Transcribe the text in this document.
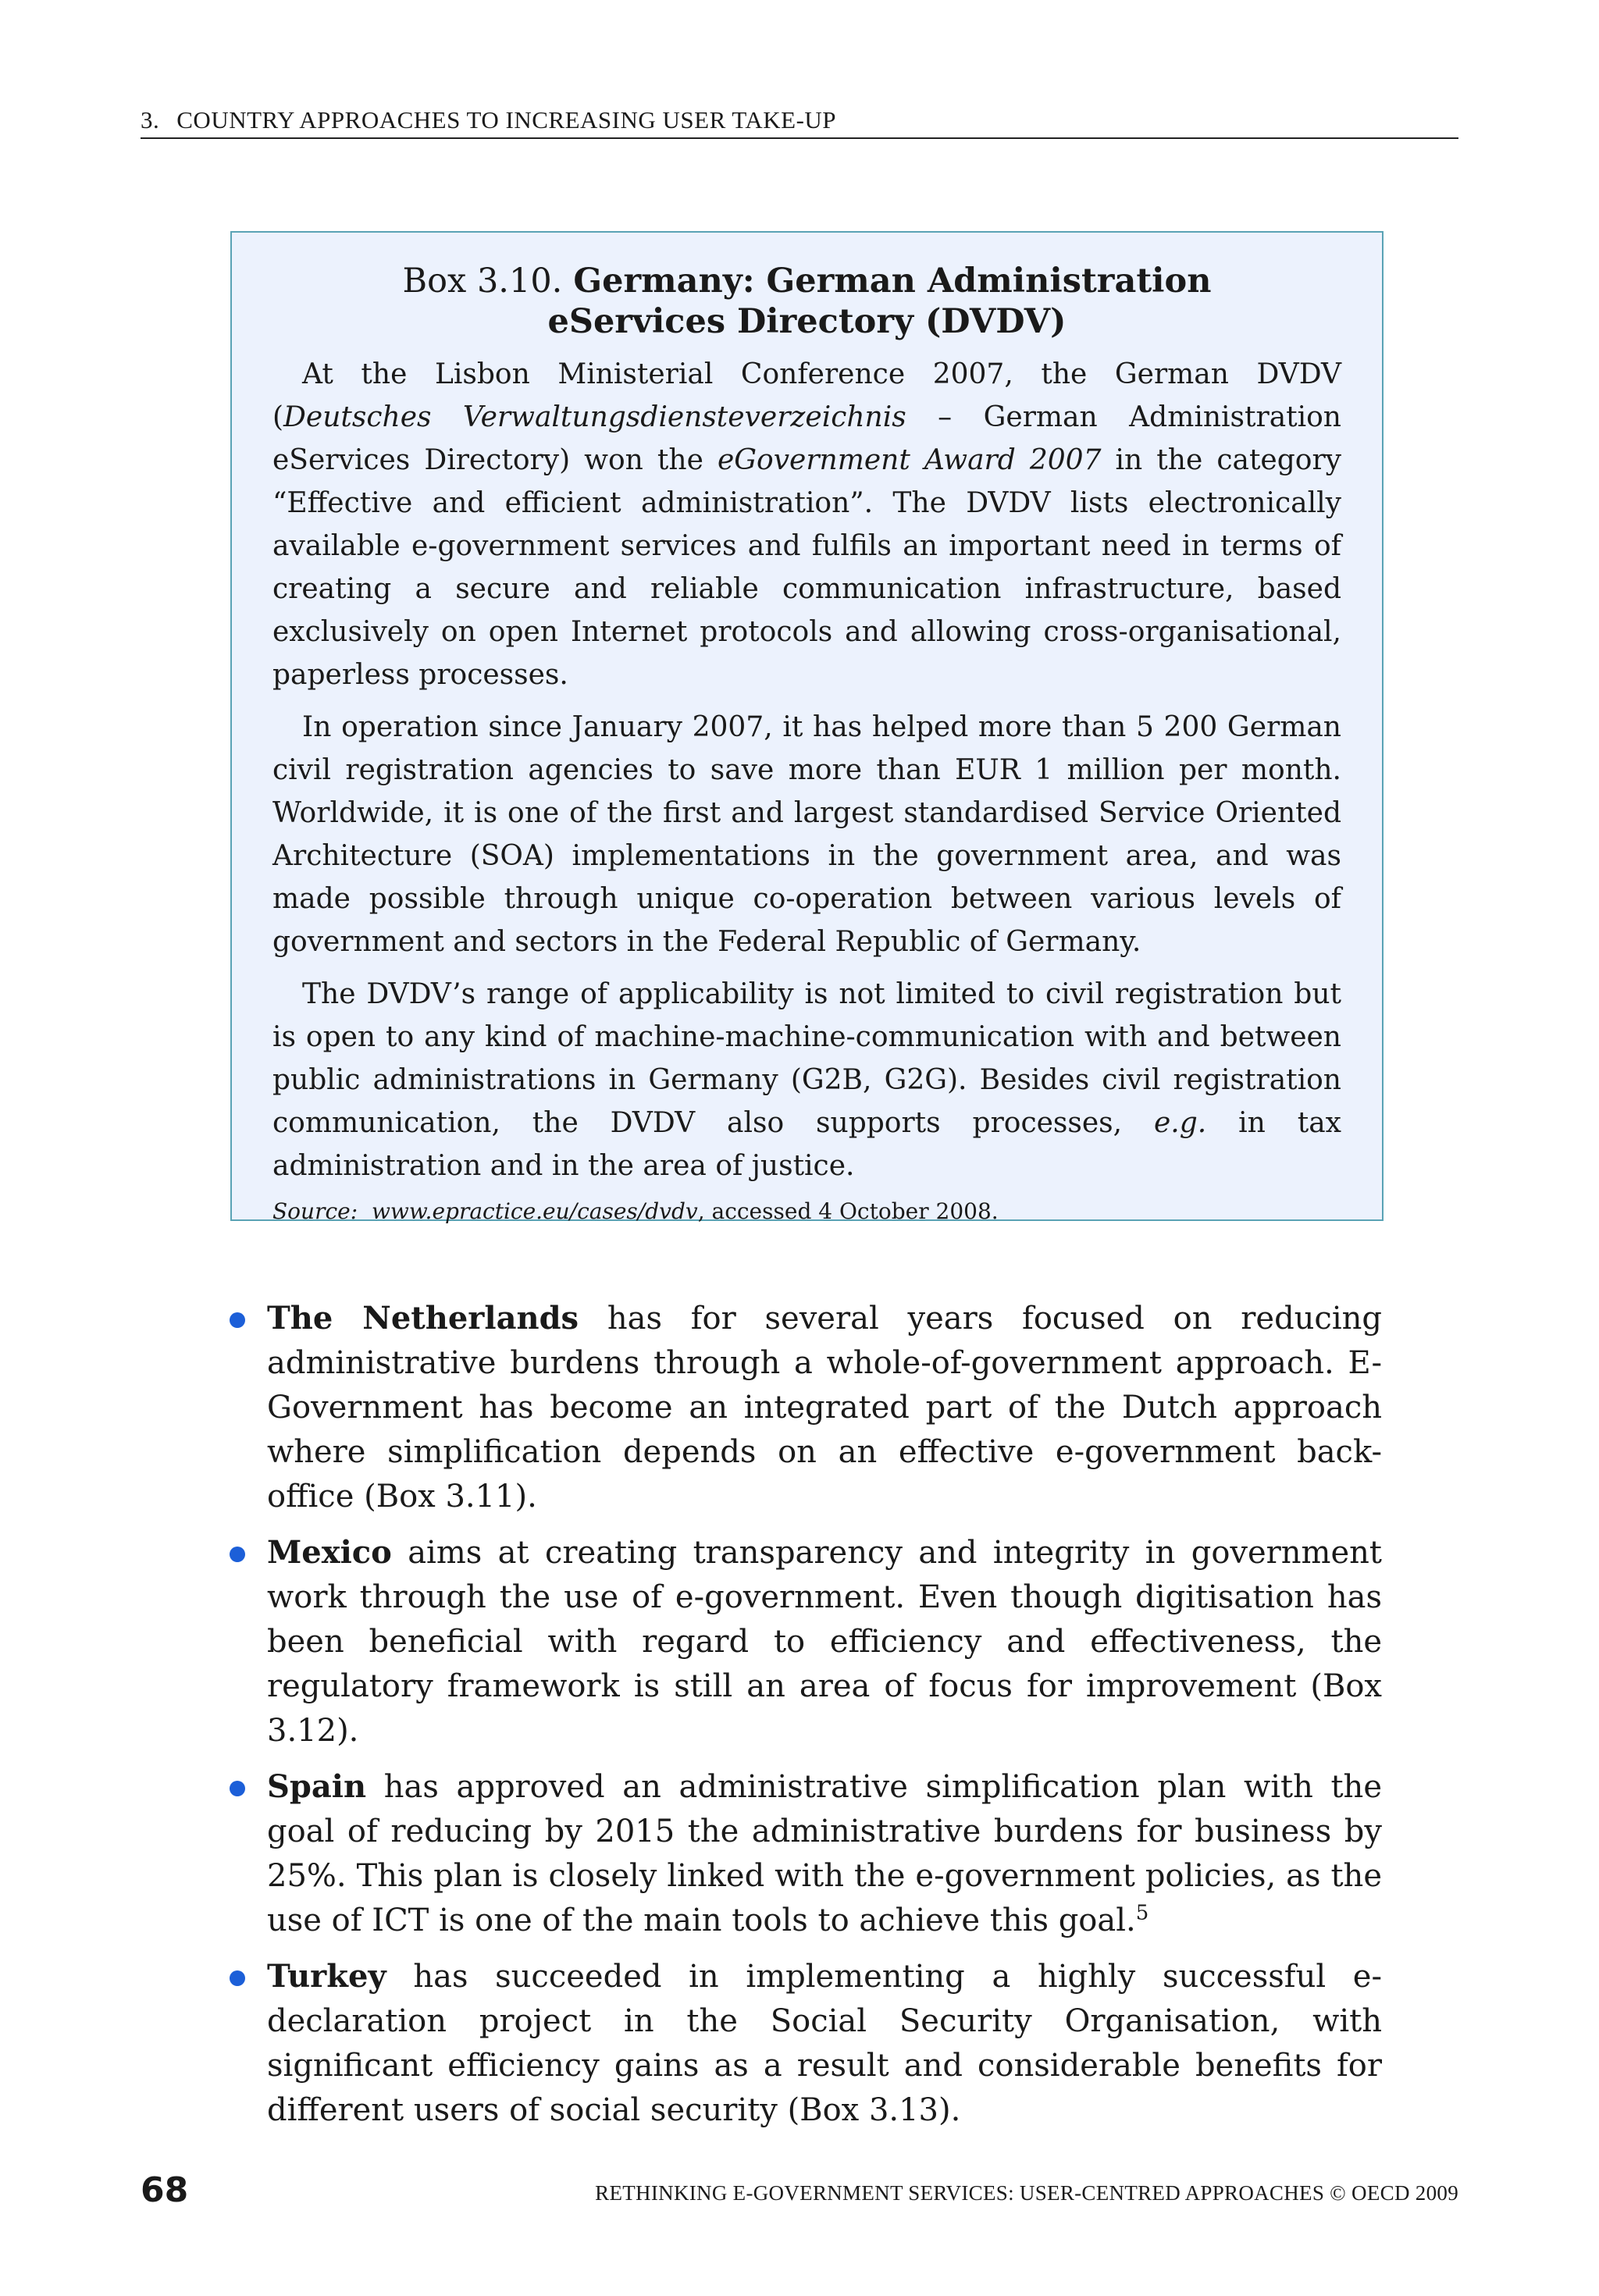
3. COUNTRY APPROACHES TO INCREASING USER TAKE-UP
Box 3.10. Germany: German Administration eServices Directory (DVDV)

At the Lisbon Ministerial Conference 2007, the German DVDV (Deutsches Verwaltungsdiensteverzeichnis – German Administration eServices Directory) won the eGovernment Award 2007 in the category “Effective and efficient administration”. The DVDV lists electronically available e-government services and fulfils an important need in terms of creating a secure and reliable communication infrastructure, based exclusively on open Internet protocols and allowing cross-organisational, paperless processes.

In operation since January 2007, it has helped more than 5 200 German civil registration agencies to save more than EUR 1 million per month. Worldwide, it is one of the first and largest standardised Service Oriented Architecture (SOA) implementations in the government area, and was made possible through unique co-operation between various levels of government and sectors in the Federal Republic of Germany.

The DVDV’s range of applicability is not limited to civil registration but is open to any kind of machine-machine-communication with and between public administrations in Germany (G2B, G2G). Besides civil registration communication, the DVDV also supports processes, e.g. in tax administration and in the area of justice.

Source: www.epractice.eu/cases/dvdv, accessed 4 October 2008.

The Netherlands has for several years focused on reducing administrative burdens through a whole-of-government approach. E-Government has become an integrated part of the Dutch approach where simplification depends on an effective e-government back-office (Box 3.11).
Mexico aims at creating transparency and integrity in government work through the use of e-government. Even though digitisation has been beneficial with regard to efficiency and effectiveness, the regulatory framework is still an area of focus for improvement (Box 3.12).
Spain has approved an administrative simplification plan with the goal of reducing by 2015 the administrative burdens for business by 25%. This plan is closely linked with the e-government policies, as the use of ICT is one of the main tools to achieve this goal.$^5$
Turkey has succeeded in implementing a highly successful e-declaration project in the Social Security Organisation, with significant efficiency gains as a result and considerable benefits for different users of social security (Box 3.13).
68	RETHINKING E-GOVERNMENT SERVICES: USER-CENTRED APPROACHES © OECD 2009
